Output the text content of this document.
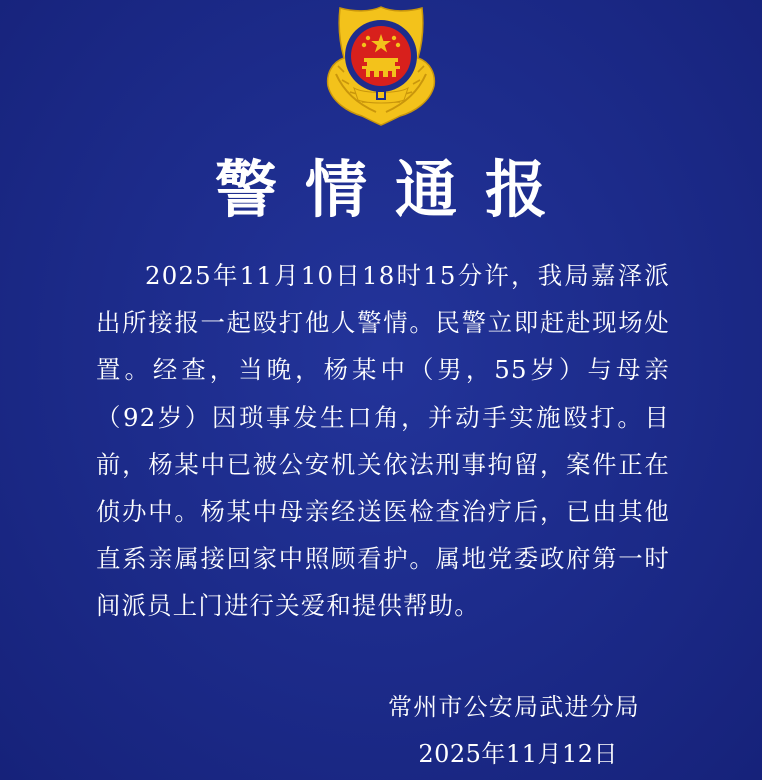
警情通报

2025年11月10日18时15分许，我局嘉泽派出所接报一起殴打他人警情。民警立即赶赴现场处置。经查，当晚，杨某中（男，55岁）与母亲（92岁）因琐事发生口角，并动手实施殴打。目前，杨某中已被公安机关依法刑事拘留，案件正在侦办中。杨某中母亲经送医检查治疗后，已由其他直系亲属接回家中照顾看护。属地党委政府第一时间派员上门进行关爱和提供帮助。

常州市公安局武进分局
2025年11月12日
